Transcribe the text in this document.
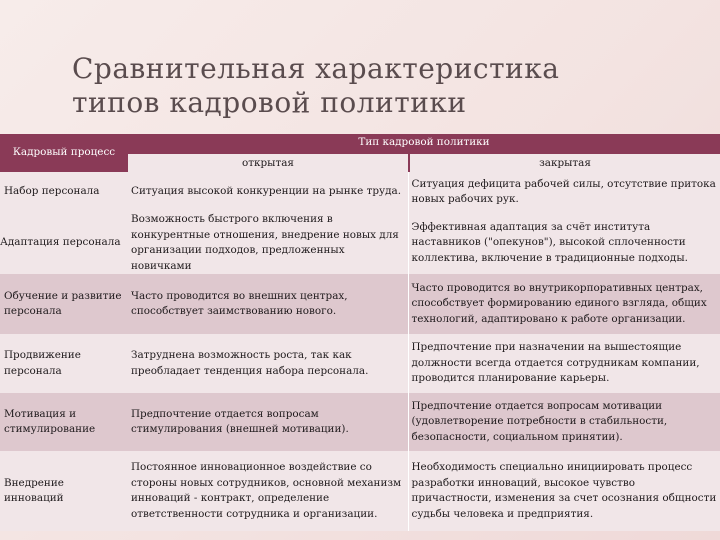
Сравнительная характеристика
типов кадровой политики
Кадровый процесс	Тип кадровой политики	

	открытая	закрытая

Набор персонала	Ситуация высокой конкуренции на рынке труда.	Ситуация дефицита рабочей силы, отсутствие притока новых рабочих рук.
Адаптация персонала	Возможность быстрого включения в конкурентные отношения, внедрение новых для организации подходов, предложенных новичками	Эффективная адаптация за счёт института наставников ("опекунов"), высокой сплоченности коллектива, включение в традиционные подходы.
Обучение и развитие персонала	Часто проводится во внешних центрах, способствует заимствованию нового.	Часто проводится во внутрикорпоративных центрах, способствует формированию единого взгляда, общих технологий, адаптировано к работе организации.
Продвижение персонала	Затруднена возможность роста, так как преобладает тенденция набора персонала.	Предпочтение при назначении на вышестоящие должности всегда отдается сотрудникам компании, проводится планирование карьеры.
Мотивация и стимулирование	Предпочтение отдается вопросам стимулирования (внешней мотивации).	Предпочтение отдается вопросам мотивации (удовлетворение потребности в стабильности, безопасности, социальном принятии).
Внедрение инноваций	Постоянное инновационное воздействие со стороны новых сотрудников, основной механизм инноваций - контракт, определение ответственности сотрудника и организации.	Необходимость специально инициировать процесс разработки инноваций, высокое чувство причастности, изменения за счет осознания общности судьбы человека и предприятия.
